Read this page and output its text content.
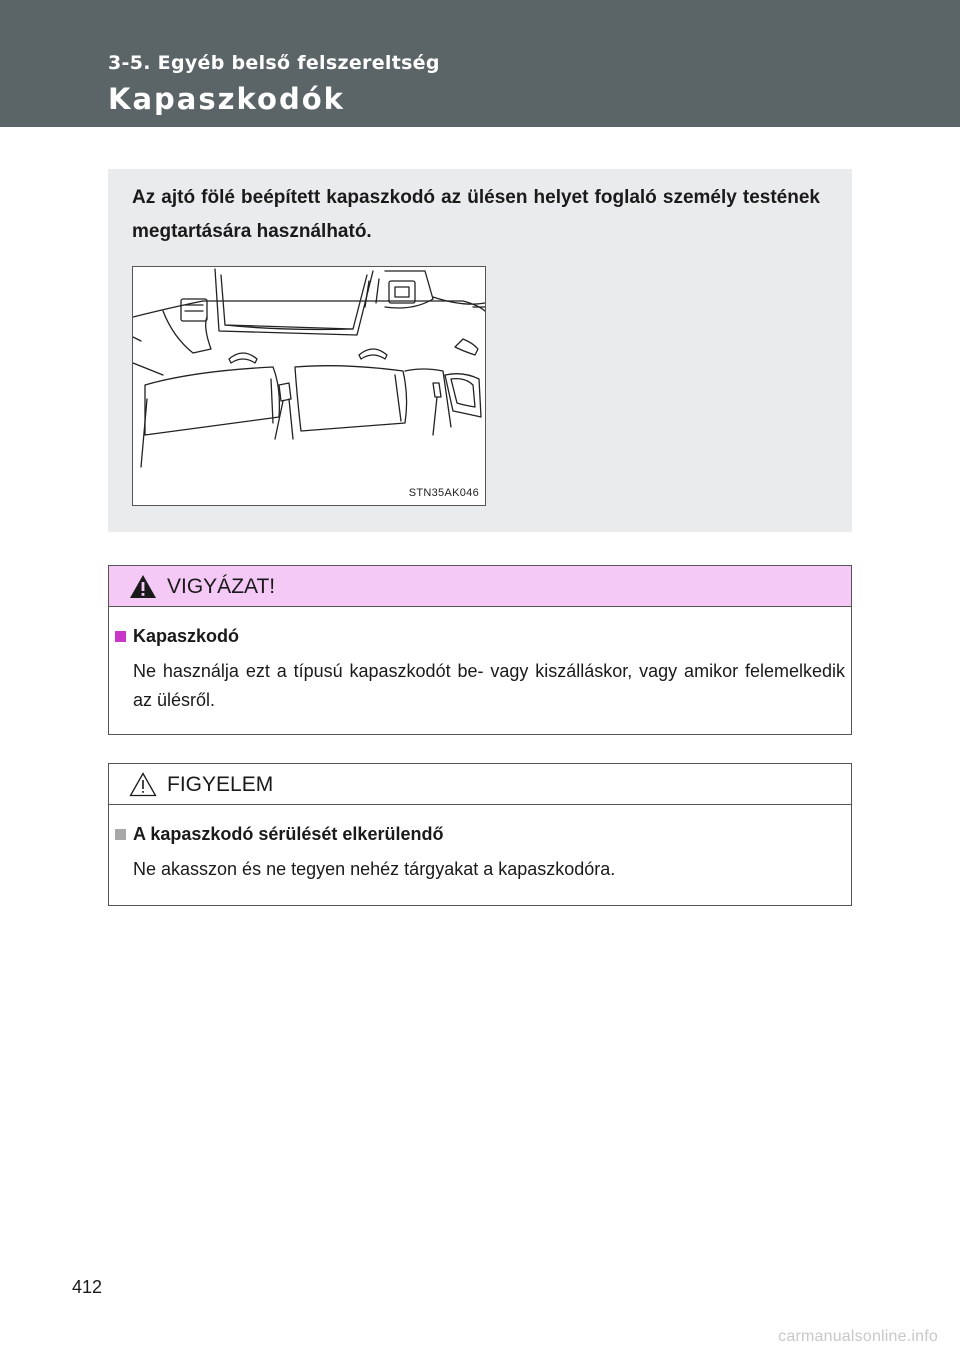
3-5. Egyéb belső felszereltség
Kapaszkodók

Az ajtó fölé beépített kapaszkodó az ülésen helyet foglaló személy testének megtartására használható.

STN35AK046
VIGYÁZAT!
Kapaszkodó

Ne használja ezt a típusú kapaszkodót be- vagy kiszálláskor, vagy amikor felemelkedik az ülésről.

FIGYELEM
A kapaszkodó sérülését elkerülendő

Ne akasszon és ne tegyen nehéz tárgyakat a kapaszkodóra.

412
carmanualsonline.info
